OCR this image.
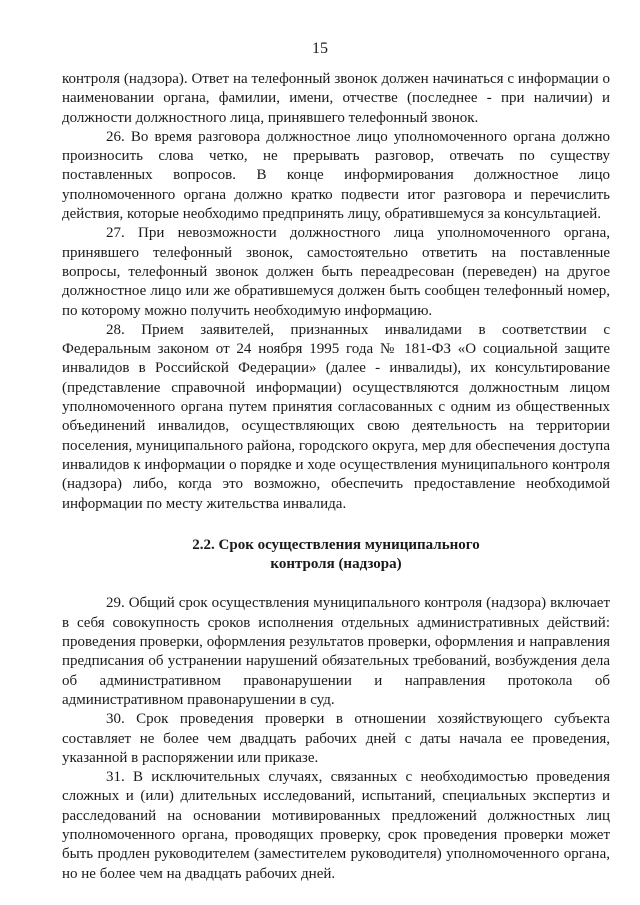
15

контроля (надзора). Ответ на телефонный звонок должен начинаться с информации о наименовании органа, фамилии, имени, отчестве (последнее - при наличии) и должности должностного лица, принявшего телефонный звонок.

26. Во время разговора должностное лицо уполномоченного органа должно произносить слова четко, не прерывать разговор, отвечать по существу поставленных вопросов. В конце информирования должностное лицо уполномоченного органа должно кратко подвести итог разговора и перечислить действия, которые необходимо предпринять лицу, обратившемуся за консультацией.

27. При невозможности должностного лица уполномоченного органа, принявшего телефонный звонок, самостоятельно ответить на поставленные вопросы, телефонный звонок должен быть переадресован (переведен) на другое должностное лицо или же обратившемуся должен быть сообщен телефонный номер, по которому можно получить необходимую информацию.

28. Прием заявителей, признанных инвалидами в соответствии с Федеральным законом от 24 ноября 1995 года № 181-ФЗ «О социальной защите инвалидов в Российской Федерации» (далее - инвалиды), их консультирование (представление справочной информации) осуществляются должностным лицом уполномоченного органа путем принятия согласованных с одним из общественных объединений инвалидов, осуществляющих свою деятельность на территории поселения, муниципального района, городского округа, мер для обеспечения доступа инвалидов к информации о порядке и ходе осуществления муниципального контроля (надзора) либо, когда это возможно, обеспечить предоставление необходимой информации по месту жительства инвалида.

2.2. Срок осуществления муниципального
контроля (надзора)

29. Общий срок осуществления муниципального контроля (надзора) включает в себя совокупность сроков исполнения отдельных административных действий: проведения проверки, оформления результатов проверки, оформления и направления предписания об устранении нарушений обязательных требований, возбуждения дела об административном правонарушении и направления протокола об административном правонарушении в суд.

30. Срок проведения проверки в отношении хозяйствующего субъекта составляет не более чем двадцать рабочих дней с даты начала ее проведения, указанной в распоряжении или приказе.

31. В исключительных случаях, связанных с необходимостью проведения сложных и (или) длительных исследований, испытаний, специальных экспертиз и расследований на основании мотивированных предложений должностных лиц уполномоченного органа, проводящих проверку, срок проведения проверки может быть продлен руководителем (заместителем руководителя) уполномоченного органа, но не более чем на двадцать рабочих дней.
